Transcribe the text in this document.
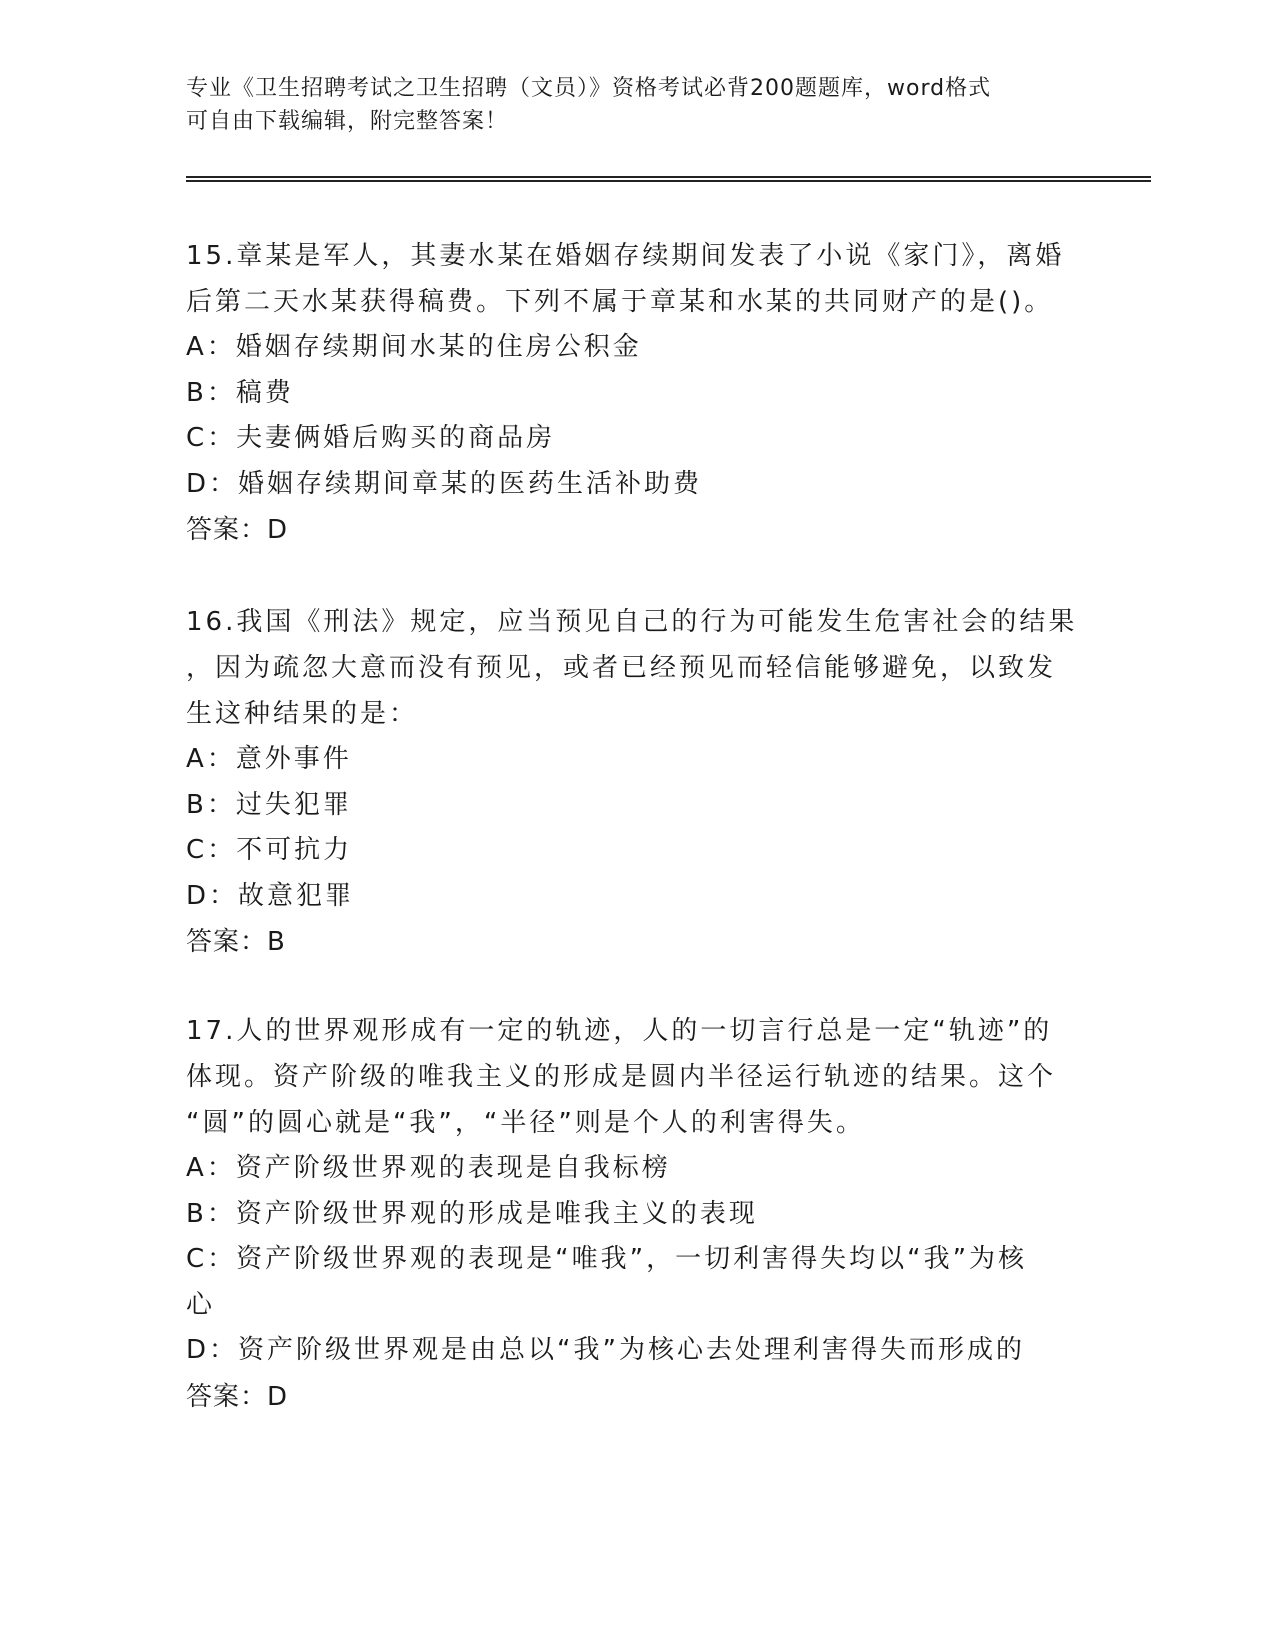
专业《卫生招聘考试之卫生招聘（文员）》资格考试必背200题题库，word格式
可自由下载编辑，附完整答案！
15.章某是军人，其妻水某在婚姻存续期间发表了小说《家门》，离婚
后第二天水某获得稿费。下列不属于章某和水某的共同财产的是()。
A：婚姻存续期间水某的住房公积金
B：稿费
C：夫妻俩婚后购买的商品房
D：婚姻存续期间章某的医药生活补助费
答案：D
16.我国《刑法》规定，应当预见自己的行为可能发生危害社会的结果
，因为疏忽大意而没有预见，或者已经预见而轻信能够避免，以致发
生这种结果的是：
A：意外事件
B：过失犯罪
C：不可抗力
D：故意犯罪
答案：B
17.人的世界观形成有一定的轨迹，人的一切言行总是一定“轨迹”的
体现。资产阶级的唯我主义的形成是圆内半径运行轨迹的结果。这个
“圆”的圆心就是“我”，“半径”则是个人的利害得失。
A：资产阶级世界观的表现是自我标榜
B：资产阶级世界观的形成是唯我主义的表现
C：资产阶级世界观的表现是“唯我”，一切利害得失均以“我”为核
心
D：资产阶级世界观是由总以“我”为核心去处理利害得失而形成的
答案：D
